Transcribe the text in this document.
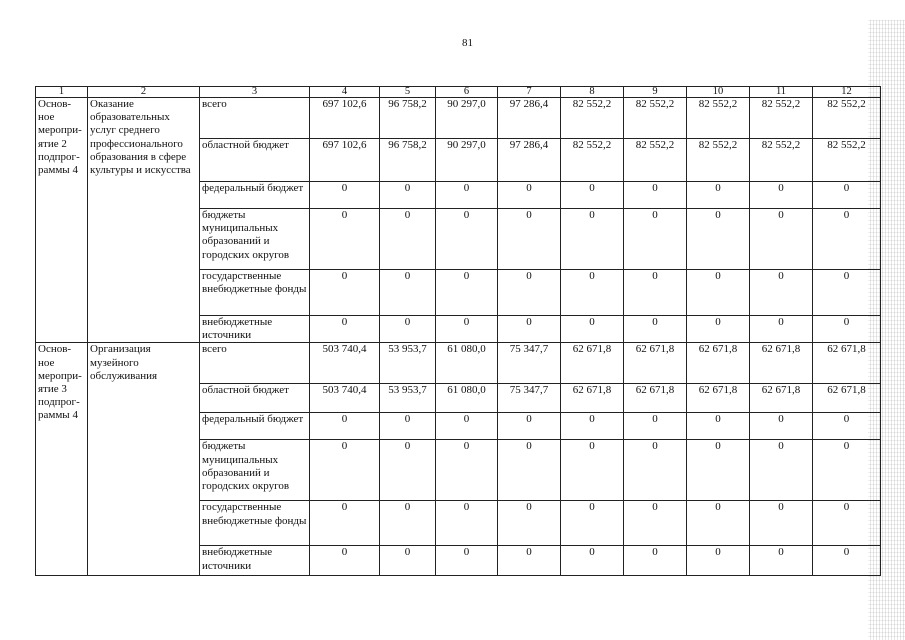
81
1	2	3	4	5	6	7	8	9	10	11	12
Основ-ное меропри-ятие 2 подпрог-раммы 4	Оказание образовательных услуг среднего профессионального образования в сфере культуры и искусства	всего	697 102,6	96 758,2	90 297,0	97 286,4	82 552,2	82 552,2	82 552,2	82 552,2	82 552,2
		областной бюджет	697 102,6	96 758,2	90 297,0	97 286,4	82 552,2	82 552,2	82 552,2	82 552,2	82 552,2
		федеральный бюджет	0	0	0	0	0	0	0	0	0
		бюджеты муниципальных образований и городских округов	0	0	0	0	0	0	0	0	0
		государственные внебюджетные фонды	0	0	0	0	0	0	0	0	0
		внебюджетные источники	0	0	0	0	0	0	0	0	0
Основ-ное меропри-ятие 3 подпрог-раммы 4	Организация музейного обслуживания	всего	503 740,4	53 953,7	61 080,0	75 347,7	62 671,8	62 671,8	62 671,8	62 671,8	62 671,8
		областной бюджет	503 740,4	53 953,7	61 080,0	75 347,7	62 671,8	62 671,8	62 671,8	62 671,8	62 671,8
		федеральный бюджет	0	0	0	0	0	0	0	0	0
		бюджеты муниципальных образований и городских округов	0	0	0	0	0	0	0	0	0
		государственные внебюджетные фонды	0	0	0	0	0	0	0	0	0
		внебюджетные источники	0	0	0	0	0	0	0	0	0
